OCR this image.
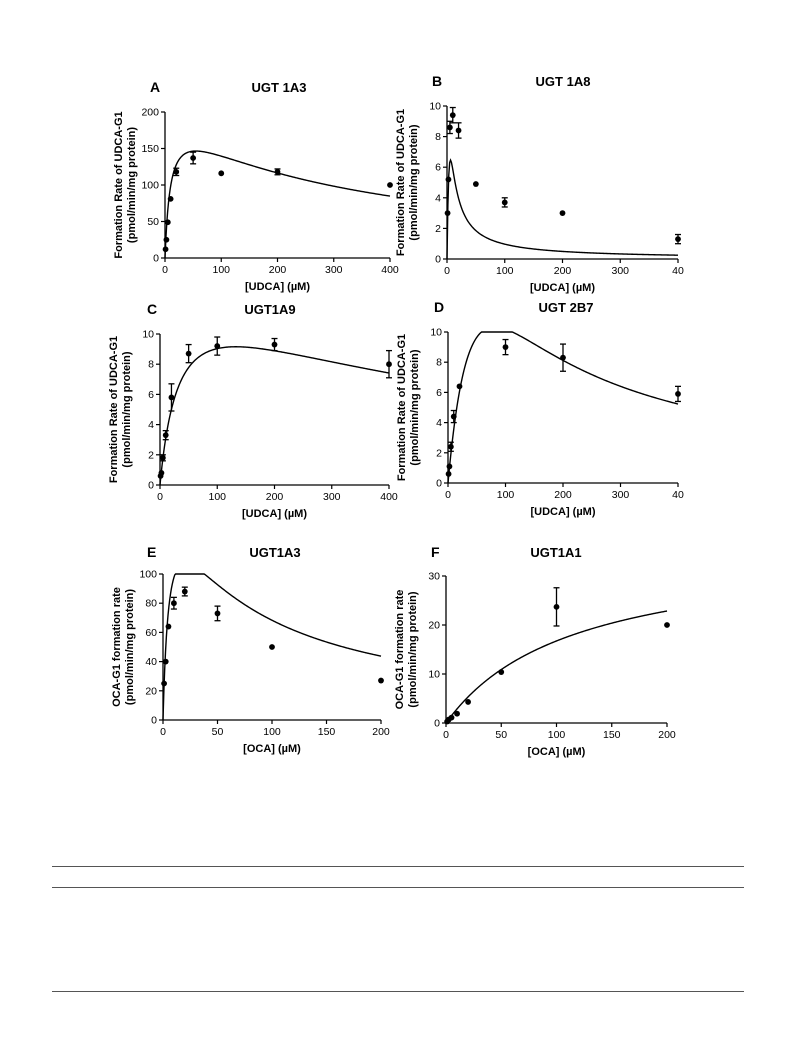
A	UGT 1A3
0	100	200	300	400
0
50
100
150
200
[UDCA] (µM)
Formation Rate of UDCA-G1 (pmol/min/mg protein)
B	UGT 1A8
0	100	200	300	40
0
2
4
6
8
10
[UDCA] (µM)
Formation Rate of UDCA-G1 (pmol/min/mg protein)
C	UGT1A9
0	100	200	300	400
0
2
4
6
8
10
[UDCA] (µM)
Formation Rate of UDCA-G1 (pmol/min/mg protein)
D	UGT 2B7
0	100	200	300	40
0
2
4
6
8
10
[UDCA] (µM)
Formation Rate of UDCA-G1 (pmol/min/mg protein)
E	UGT1A3
0	50	100	150	200
0
20
40
60
80
100
[OCA] (µM)
OCA-G1 formation rate (pmol/min/mg protein)
F	UGT1A1
0	50	100	150	200
0
10
20
30
[OCA] (µM)
OCA-G1 formation rate (pmol/min/mg protein)
